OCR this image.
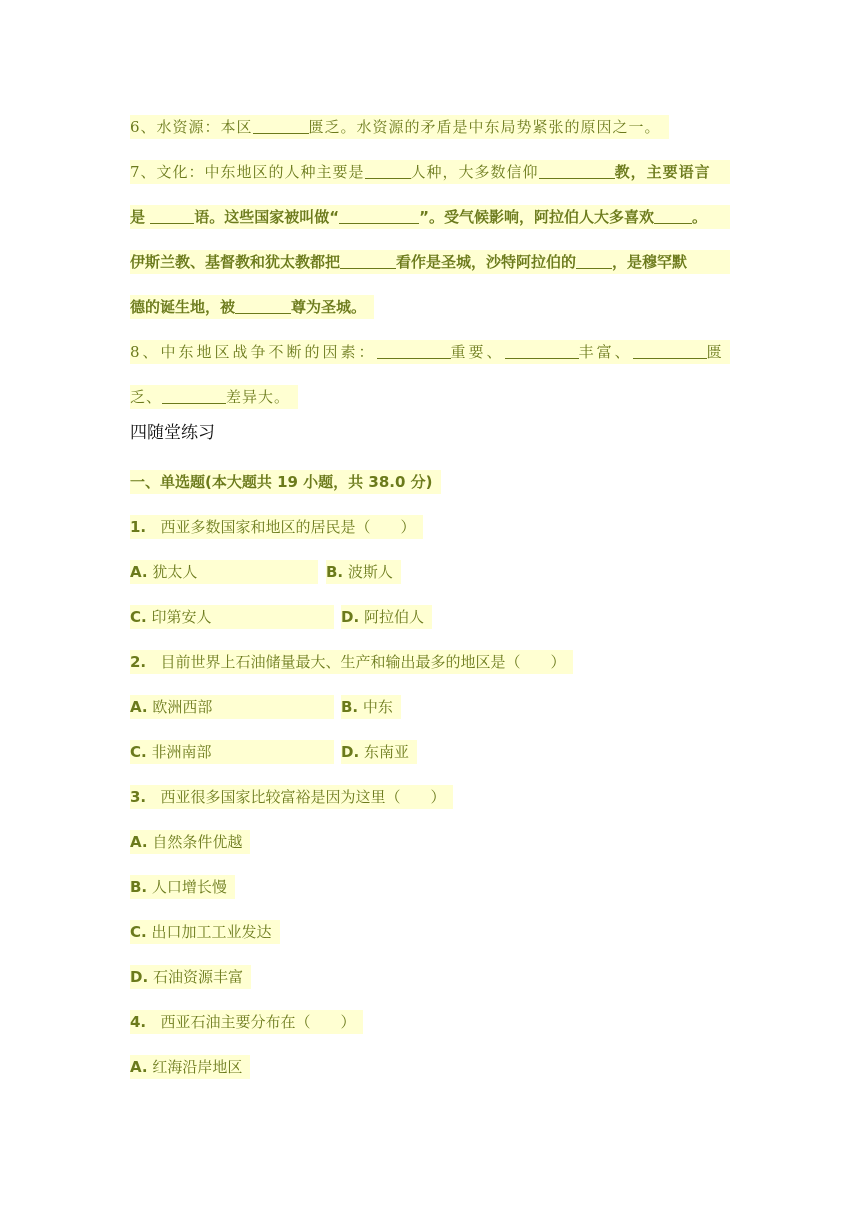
6、水资源：本区	匮乏。水资源的矛盾是中东局势紧张的原因之一。
7、文化：中东地区的人种主要是	人种，大多数信仰	教，主要语言
是	语。这些国家被叫做“	”。受气候影响，阿拉伯人大多喜欢	。
伊斯兰教、基督教和犹太教都把	看作是圣城，沙特阿拉伯的 ，是穆罕默
德的诞生地，被	尊为圣城。
8、中东地区战争不断的因素：	重要、	丰富、	匮
乏、	差异大。
四随堂练习
一、单选题(本大题共 19 小题，共 38.0 分)
1. 西亚多数国家和地区的居民是（　　）
A. 犹太人	B. 波斯人
C. 印第安人	D. 阿拉伯人
2. 目前世界上石油储量最大、生产和输出最多的地区是（　　）
A. 欧洲西部	B. 中东
C. 非洲南部	D. 东南亚
3. 西亚很多国家比较富裕是因为这里（　　）
A. 自然条件优越
B. 人口增长慢
C. 出口加工工业发达
D. 石油资源丰富
4. 西亚石油主要分布在（　　）
A. 红海沿岸地区
